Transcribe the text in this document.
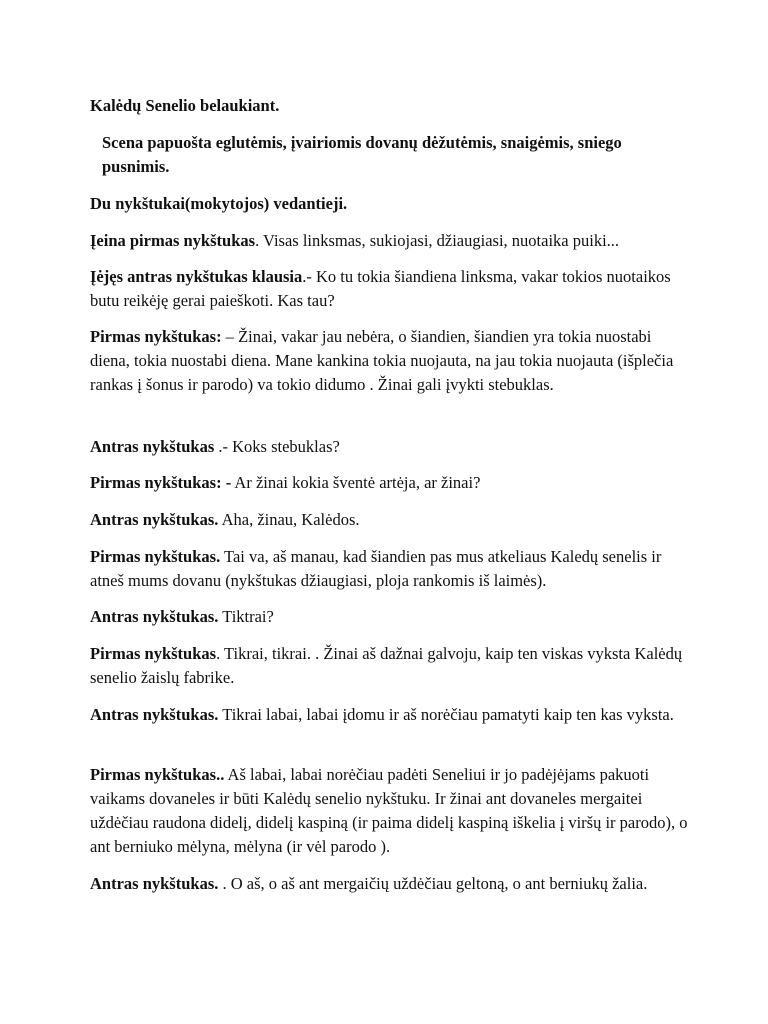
Kalėdų Senelio belaukiant.

Scena papuošta eglutėmis, įvairiomis dovanų dėžutėmis, snaigėmis, sniego pusnimis.

Du nykštukai(mokytojos) vedantieji.

Įeina pirmas nykštukas. Visas linksmas, sukiojasi, džiaugiasi, nuotaika puiki...

Įėjęs antras nykštukas klausia.- Ko tu tokia šiandiena linksma, vakar tokios nuotaikos butu reikėję gerai paieškoti. Kas tau?

Pirmas nykštukas: – Žinai, vakar jau nebėra, o šiandien, šiandien yra tokia nuostabi diena, tokia nuostabi diena. Mane kankina tokia nuojauta, na jau tokia nuojauta (išplečia rankas į šonus ir parodo) va tokio didumo . Žinai gali įvykti stebuklas.

Antras nykštukas .- Koks stebuklas?

Pirmas nykštukas: - Ar žinai kokia šventė artėja, ar žinai?

Antras nykštukas. Aha, žinau, Kalėdos.

Pirmas nykštukas. Tai va, aš manau, kad šiandien pas mus atkeliaus Kaledų senelis ir atneš mums dovanu (nykštukas džiaugiasi, ploja rankomis iš laimės).

Antras nykštukas. Tiktrai?

Pirmas nykštukas. Tikrai, tikrai. . Žinai aš dažnai galvoju, kaip ten viskas vyksta Kalėdų senelio žaislų fabrike.

Antras nykštukas. Tikrai labai, labai įdomu ir aš norėčiau pamatyti kaip ten kas vyksta.

Pirmas nykštukas.. Aš labai, labai norėčiau padėti Seneliui ir jo padėjėjams pakuoti vaikams dovaneles ir būti Kalėdų senelio nykštuku. Ir žinai ant dovaneles mergaitei uždėčiau raudona didelį, didelį kaspiną (ir paima didelį kaspiną iškelia į viršų ir parodo), o ant berniuko mėlyna, mėlyna (ir vėl parodo ).

Antras nykštukas. . O aš, o aš ant mergaičių uždėčiau geltoną, o ant berniukų žalia.
